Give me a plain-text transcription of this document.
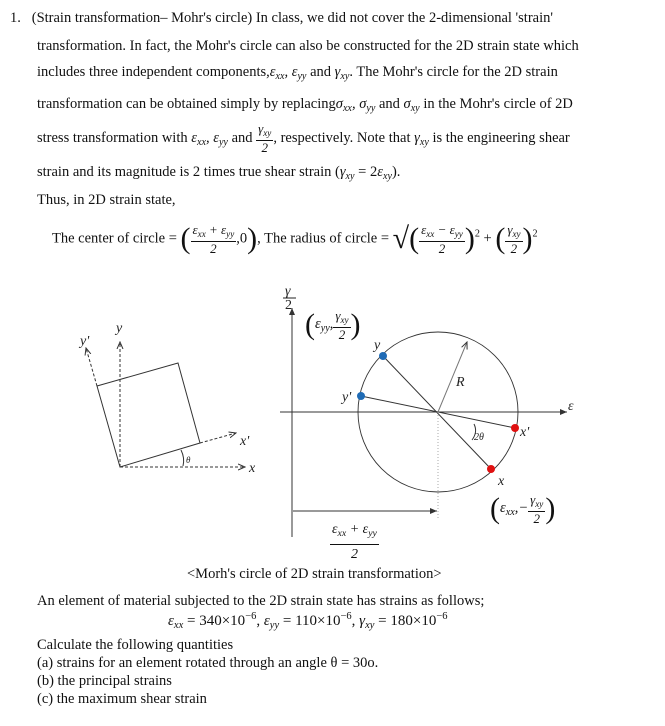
1. (Strain transformation– Mohr's circle) In class, we did not cover the 2-dimensional 'strain'
transformation. In fact, the Mohr's circle can also be constructed for the 2D strain state which
includes three independent $components,\varepsilon_{xx}$, $\varepsilon_{yy}$ and $\gamma_{xy}$. The Mohr's circle for the 2D strain
transformation can be obtained simply by replacingσ$_{xx}$, $\sigma_{yy}$ and $\sigma_{xy}$ in the Mohr's circle of 2D
stress transformation with $\varepsilon_{xx}$, $\varepsilon_{yy}$ and
$\gamma_{xy}$
2
, respectively. Note that $\gamma_{xy}$ is the engineering shear
strain and its magnitude is 2 times true shear strain $(\gamma_{xy} = 2\varepsilon_{xy})$.
Thus, in 2D strain state,
The center of circle = ( $\varepsilon_{xx} + \varepsilon_{yy}$
2
,0), The radius of circle = √( $\varepsilon_{xx} - \varepsilon_{yy}$
2 )$^2$ + ( $\gamma_{xy}$
2 )$^2$
x
y
x'
y'
θ
ε
γ
2
R
2θ
y
y'
x'
x
($\varepsilon_{yy}$,
$\gamma_{xy}$
2 )
($\varepsilon_{xx},-$
$\gamma_{xy}$
2 )
$\varepsilon_{xx} + \varepsilon_{yy}$
2
<Morh's circle of 2D strain transformation>
An element of material subjected to the 2D strain state has strains as follows;
$\varepsilon_{xx} = 340\times 10^{-6}$, $\varepsilon_{yy} = 110\times 10^{-6}$, $\gamma_{xy} = 180\times 10^{-6}$
Calculate the following quantities
(a) strains for an element rotated through an angle θ = 30o.
(b) the principal strains
(c) the maximum shear strain
